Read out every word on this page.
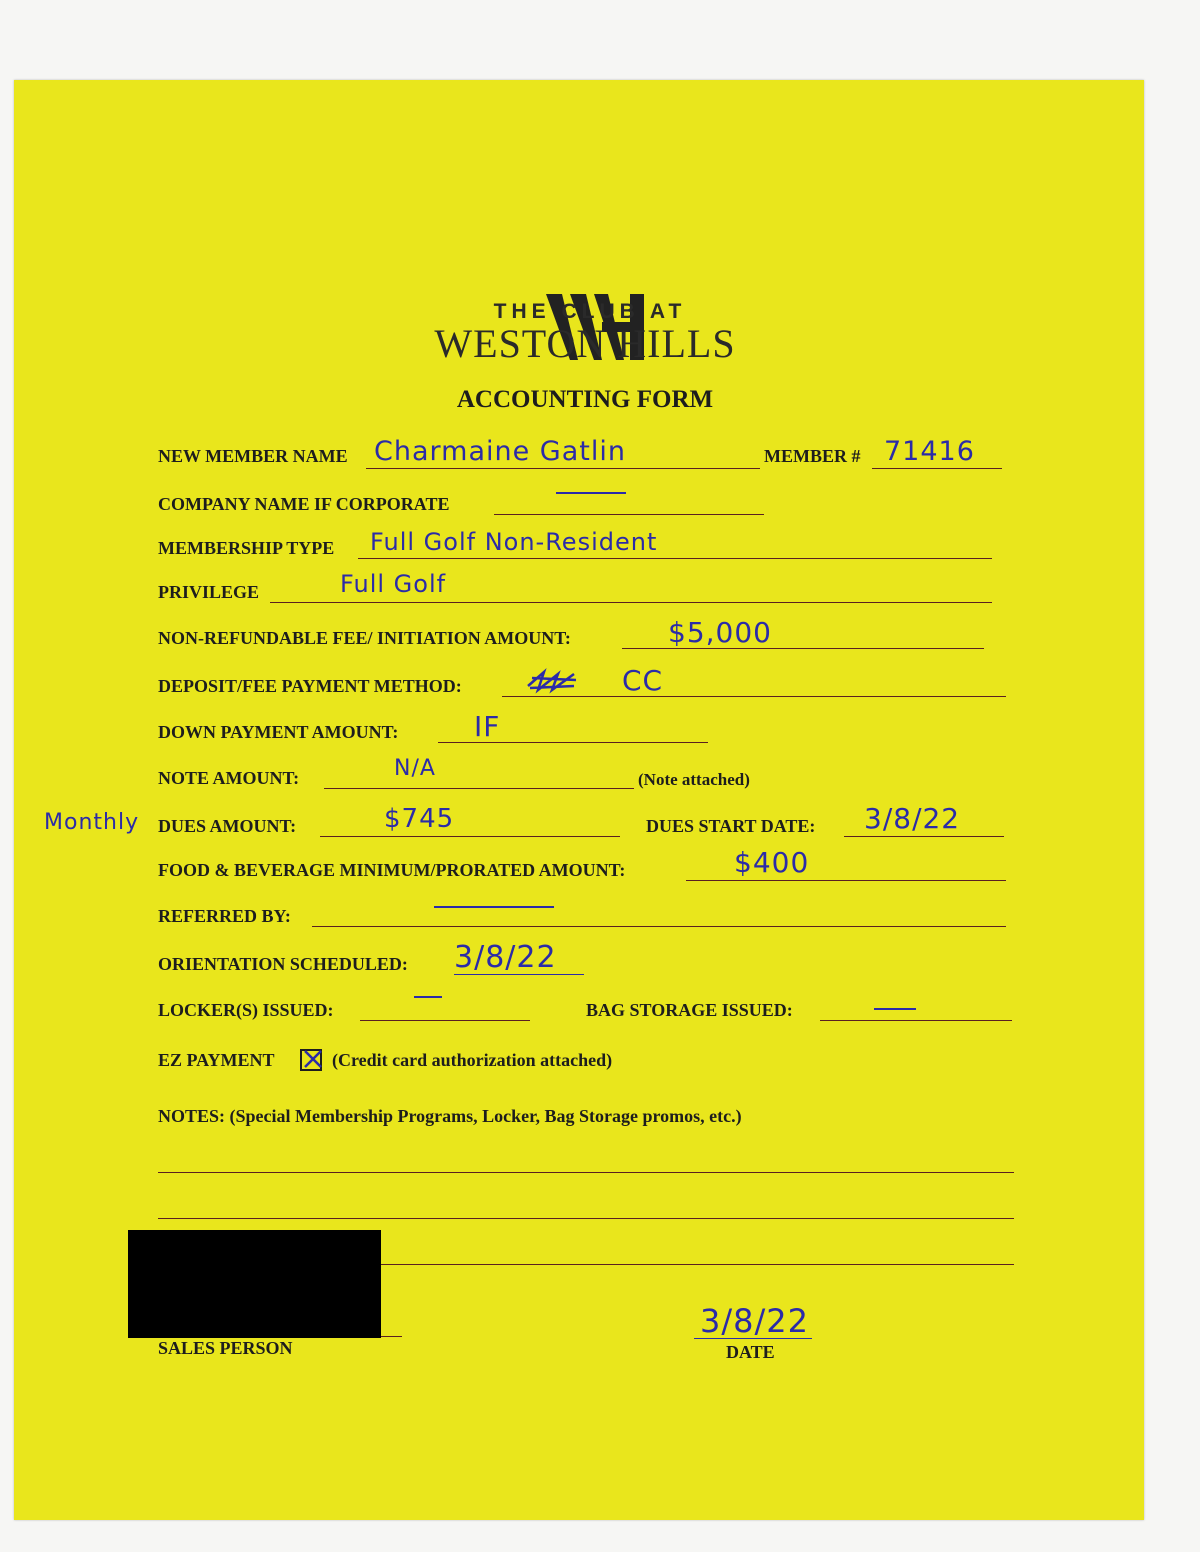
THE CLUB AT
WESTON HILLS
ACCOUNTING FORM
NEW MEMBER NAME Charmaine Gatlin	MEMBER # 71416
COMPANY NAME IF CORPORATE
MEMBERSHIP TYPE Full Golf Non-Resident
PRIVILEGE	Full Golf
NON-REFUNDABLE FEE/ INITIATION AMOUNT:	$5,000
DEPOSIT/FEE PAYMENT METHOD:	CC
DOWN PAYMENT AMOUNT:	IF
NOTE AMOUNT:	N/A	(Note attached)
Monthly DUES AMOUNT:	$745	DUES START DATE: 3/8/22
FOOD & BEVERAGE MINIMUM/PRORATED AMOUNT:	$400
REFERRED BY:
ORIENTATION SCHEDULED: 3/8/22
LOCKER(S) ISSUED:	BAG STORAGE ISSUED:
EZ PAYMENT	(Credit card authorization attached)
NOTES: (Special Membership Programs, Locker, Bag Storage promos, etc.)
SALES PERSON
3/8/22
DATE
